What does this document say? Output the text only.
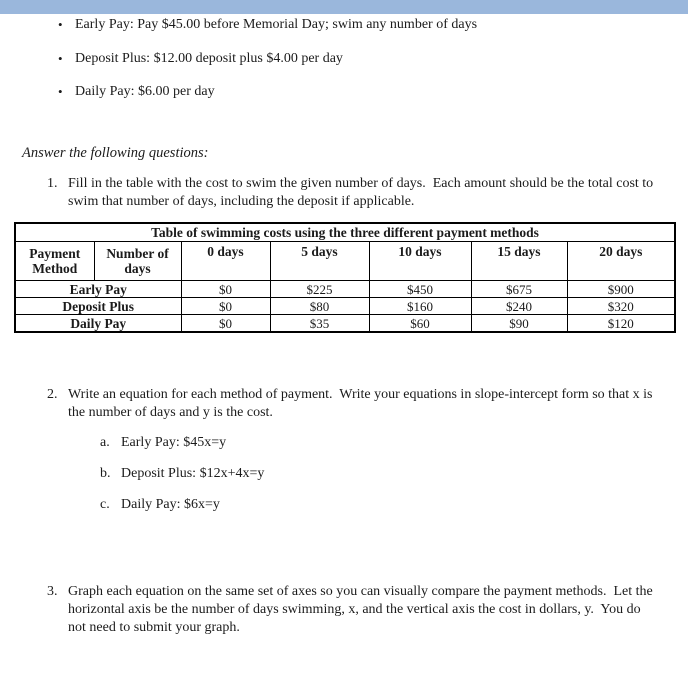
• Early Pay: Pay $45.00 before Memorial Day; swim any number of days
• Deposit Plus: $12.00 deposit plus $4.00 per day
• Daily Pay: $6.00 per day
Answer the following questions:
1. Fill in the table with the cost to swim the given number of days.  Each amount should be the total cost to swim that number of days, including the deposit if applicable.
Table of swimming costs using the three different payment methods						
Payment Method	Number of days	0 days	5 days	10 days	15 days	20 days
Early Pay		$0	$225	$450	$675	$900
Deposit Plus		$0	$80	$160	$240	$320
Daily Pay		$0	$35	$60	$90	$120
2. Write an equation for each method of payment.  Write your equations in slope-intercept form so that x is the number of days and y is the cost.
a. Early Pay: $45x=y
b. Deposit Plus: $12x+4x=y
c. Daily Pay: $6x=y
3. Graph each equation on the same set of axes so you can visually compare the payment methods.  Let the horizontal axis be the number of days swimming, x, and the vertical axis the cost in dollars, y.  You do not need to submit your graph.
